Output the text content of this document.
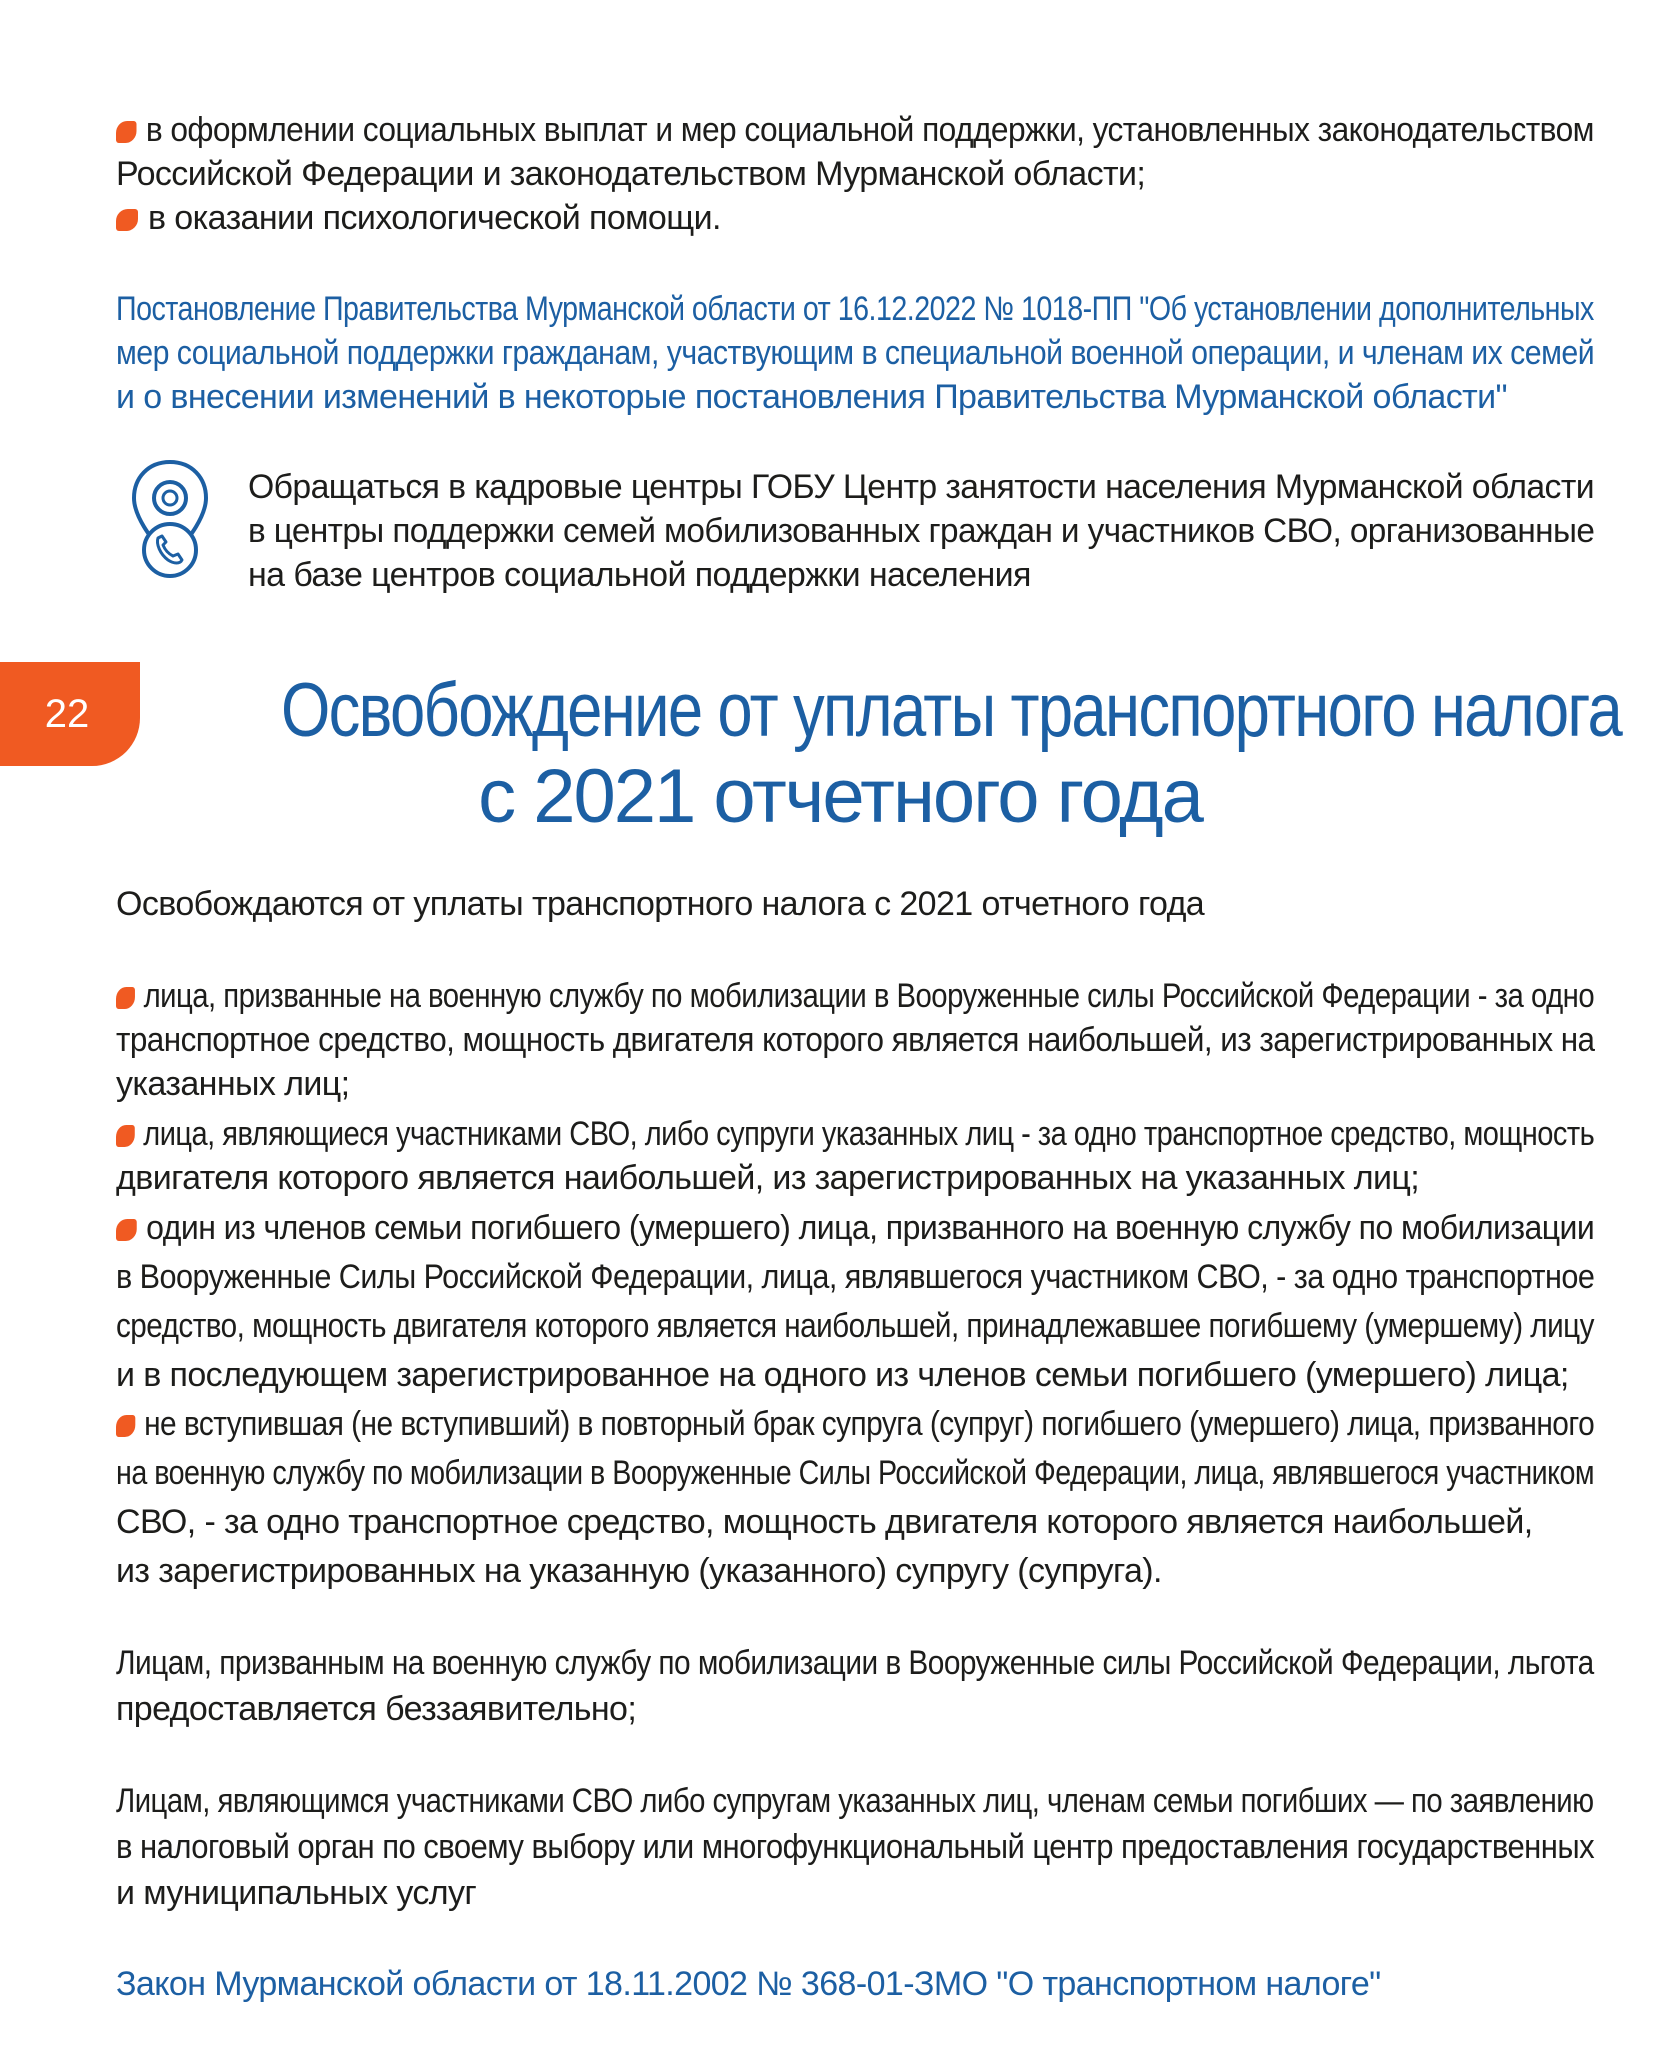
в оформлении социальных выплат и мер социальной поддержки, установленных законодательством
Российской Федерации и законодательством Мурманской области;
в оказании психологической помощи.
Постановление Правительства Мурманской области от 16.12.2022 № 1018-ПП "Об установлении дополнительных
мер социальной поддержки гражданам, участвующим в специальной военной операции, и членам их семей
и о внесении изменений в некоторые постановления Правительства Мурманской области"
Обращаться в кадровые центры ГОБУ Центр занятости населения Мурманской области
в центры поддержки семей мобилизованных граждан и участников СВО, организованные
на базе центров социальной поддержки населения
22	Освобождение от уплаты транспортного налога
с 2021 отчетного года
Освобождаются от уплаты транспортного налога с 2021 отчетного года
лица, призванные на военную службу по мобилизации в Вооруженные силы Российской Федерации - за одно
транспортное средство, мощность двигателя которого является наибольшей, из зарегистрированных на
указанных лиц;
лица, являющиеся участниками СВО, либо супруги указанных лиц - за одно транспортное средство, мощность
двигателя которого является наибольшей, из зарегистрированных на указанных лиц;
один из членов семьи погибшего (умершего) лица, призванного на военную службу по мобилизации
в Вооруженные Силы Российской Федерации, лица, являвшегося участником СВО, - за одно транспортное
средство, мощность двигателя которого является наибольшей, принадлежавшее погибшему (умершему) лицу
и в последующем зарегистрированное на одного из членов семьи погибшего (умершего) лица;
не вступившая (не вступивший) в повторный брак супруга (супруг) погибшего (умершего) лица, призванного
на военную службу по мобилизации в Вооруженные Силы Российской Федерации, лица, являвшегося участником
СВО, - за одно транспортное средство, мощность двигателя которого является наибольшей,
из зарегистрированных на указанную (указанного) супругу (супруга).
Лицам, призванным на военную службу по мобилизации в Вооруженные силы Российской Федерации, льгота
предоставляется беззаявительно;
Лицам, являющимся участниками СВО либо супругам указанных лиц, членам семьи погибших — по заявлению
в налоговый орган по своему выбору или многофункциональный центр предоставления государственных
и муниципальных услуг
Закон Мурманской области от 18.11.2002 № 368-01-ЗМО "О транспортном налоге"
